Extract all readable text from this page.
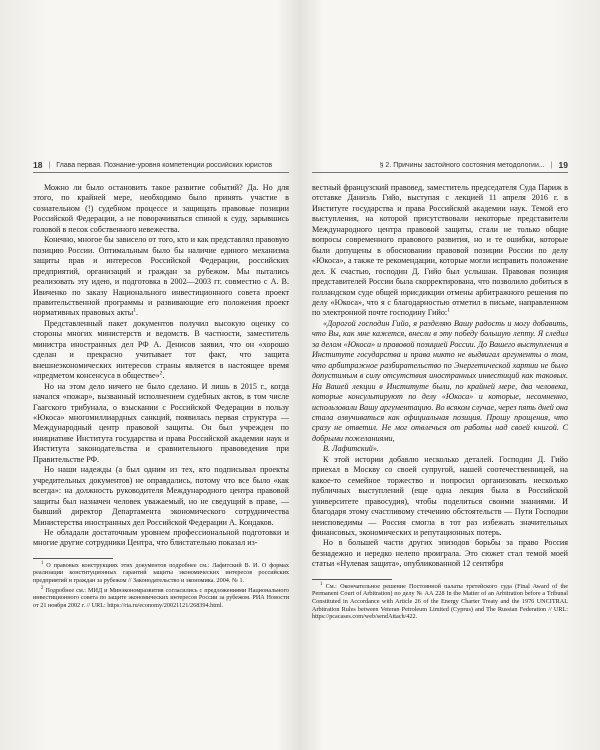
18 | Глава первая. Познание-уровня компетенции российских юристов

Можно ли было остановить такое развитие событий? Да. Но для этого, по крайней мере, необходимо было принять участие в сознательном (!) судебном процессе и защищать правовые позиции Российской Федерации, а не поворачиваться спиной к суду, зарывшись головой в песок собственного невежества.

Конечно, многое бы зависело от того, кто и как представлял правовую позицию России. Оптимальным было бы наличие единого механизма защиты прав и интересов Российской Федерации, российских предприятий, организаций и граждан за рубежом. Мы пытались реализовать эту идею, и подготовка в 2002—2003 гг. совместно с А. В. Ивиченко по заказу Национального инвестиционного совета проект правительственной программы и развивающие его положения проект нормативных правовых акты$^1$.

Представленный пакет документов получил высокую оценку со стороны многих министерств и ведомств. В частности, заместитель министра иностранных дел РФ А. Денисов заявил, что он «хорошо сделан и прекрасно учитывает тот факт, что защита внешнеэкономических интересов страны является в настоящее время «предметом консенсуса в обществе»$^2$.

Но на этом дело ничего не было сделано. И лишь в 2015 г., когда начался «пожар», вызванный исполнением судебных актов, в том числе Гаагского трибунала, о взыскании с Российской Федерации в пользу «Юкоса» многомиллиардных санкций, появилась первая структура — Международный центр правовой защиты. Он был учрежден по инициативе Института государства и права Российской академии наук и Института законодательства и сравнительного правоведения при Правительстве РФ.

Но наши надежды (а был одним из тех, кто подписывал проекты учредительных документов) не оправдались, потому что все было «как всегда»: на должность руководителя Международного центра правовой защиты был назначен человек уважаемый, но не сведущий в праве, — бывший директор Департамента экономического сотрудничества Министерства иностранных дел Российской Федерации А. Кондаков.

Не обладали достаточным уровнем профессиональной подготовки и многие другие сотрудники Центра, что блистательно показал из-

$^1$ О правовых конструкциях этих документов подробнее см.: Лафитский В. И. О формах реализации конституционных гарантий защиты экономических интересов российских предприятий и граждан за рубежом // Законодательство и экономика. 2004. № 1.

$^2$ Подробнее см.: МИД и Минэкономразвития согласились с предложениями Национального инвестиционного совета по защите экономических интересов России за рубежом. РИА Новости от 21 ноября 2002 г. // URL: https://ria.ru/economy/20021121/268394.html.

§ 2. Причины застойного состояния методологии... | 19

вестный французский правовед, заместитель председателя Суда Париж в отставке Даниэль Гийо, выступая с лекцией 11 апреля 2016 г. в Институте государства и права Российской академии наук. Темой его выступления, на которой присутствовали некоторые представители Международного центра правовой защиты, стали не только общие вопросы современного правового развития, но и те ошибки, которые были допущены в обосновании правовой позиции России по делу «Юкоса», а также те рекомендации, которые могли исправить положение дел. К счастью, господин Д. Гийо был услышан. Правовая позиция представителей России была скорректирована, что позволило добиться в голландском суде общей юрисдикции отмены арбитражного решения по делу «Юкоса», что я с благодарностью отметил в письме, направленном по электронной почте господину Гийо:$^1$

«Дорогой господин Гийо, я разделяю Вашу радость и могу добавить, что Вы, как мне кажется, внесли в эту победу большую лепту. Я следил за делом «Юкоса» и правовой позицией России. До Вашего выступления в Институте государства и права никто не выдвигал аргументы о том, что арбитражное разбирательство по Энергетической хартии не было допустимым в силу отсутствия иностранных инвестиций как таковых. На Вашей лекции в Институте были, по крайней мере, два человека, которые консультируют по делу «Юкоса» и которые, несомненно, использовали Вашу аргументацию. Во всяком случае, через пять дней она стала озвучиваться как официальная позиция. Прошу прощения, что сразу не ответил. Не мог отвлечься от работы над своей книгой. С добрыми пожеланиями,

В. Лафитский».

К этой истории добавлю несколько деталей. Господин Д. Гийо приехал в Москву со своей супругой, нашей соотечественницей, на какое-то семейное торжество и попросил организовать несколько публичных выступлений (еще одна лекция была в Российской университете правосудия), чтобы поделиться своими знаниями. И благодаря этому счастливому стечению обстоятельств — Пути Господни неисповедимы — Россия смогла в тот раз избежать значительных финансовых, экономических и репутационных потерь.

Но в большей части других эпизодов борьбы за право Россия безнадежно и нередко нелепо проиграла. Это сюжет стал темой моей статьи «Нулевая защита», опубликованной 12 сентября

$^1$ См.: Окончательное решение Постоянной палаты третейского суда (Final Award of the Permanent Court of Arbitration) по делу № АА 228 In the Matter of an Arbitration before a Tribunal Constituted in Accordance with Article 26 of the Energy Charter Treaty and the 1976 UNCITRAL Arbitration Rules between Veteran Petroleum Limited (Cyprus) and The Russian Federation // URL: https://pcacases.com/web/sendAttach/422.
